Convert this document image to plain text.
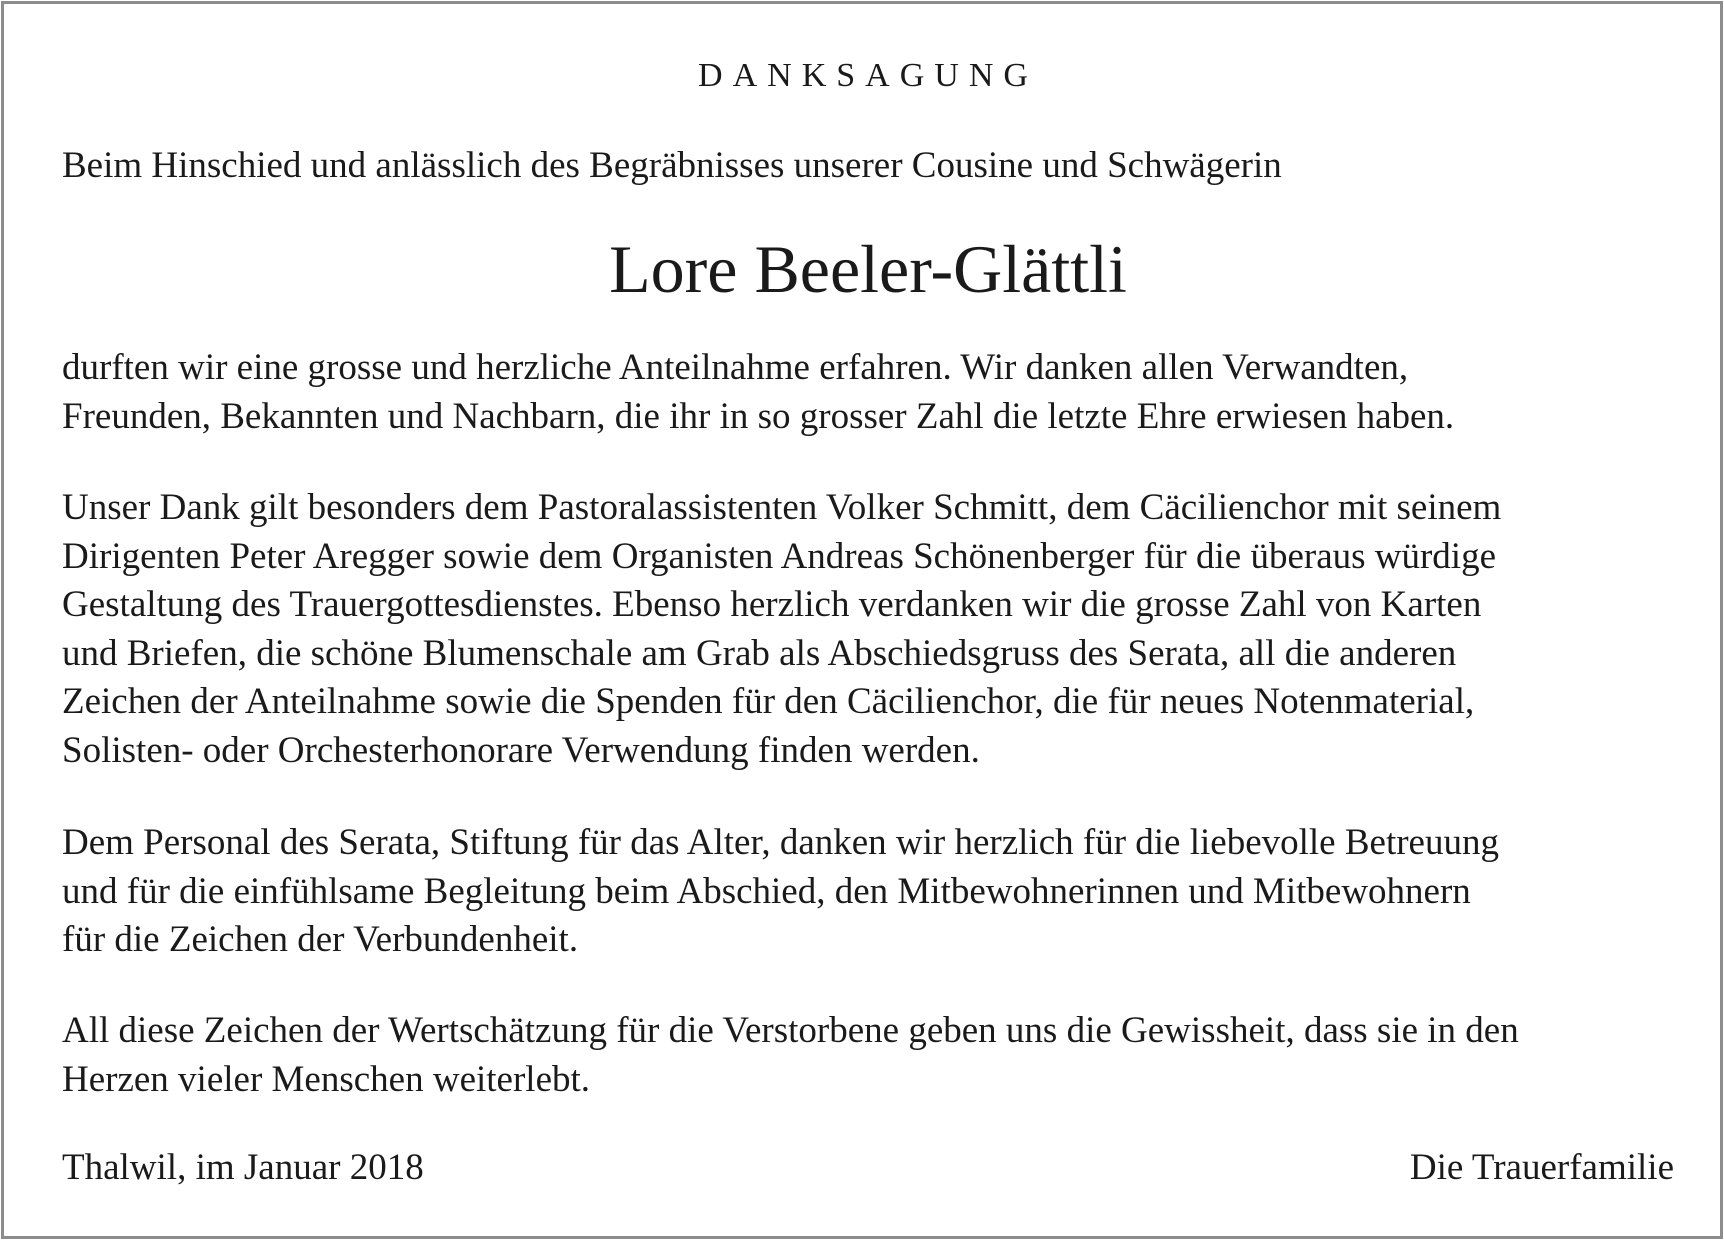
DANKSAGUNG
Beim Hinschied und anlässlich des Begräbnisses unserer Cousine und Schwägerin
Lore Beeler-Glättli
durften wir eine grosse und herzliche Anteilnahme erfahren. Wir danken allen Verwandten,
Freunden, Bekannten und Nachbarn, die ihr in so grosser Zahl die letzte Ehre erwiesen haben.
Unser Dank gilt besonders dem Pastoralassistenten Volker Schmitt, dem Cäcilienchor mit seinem
Dirigenten Peter Aregger sowie dem Organisten Andreas Schönenberger für die überaus würdige
Gestaltung des Trauergottesdienstes. Ebenso herzlich verdanken wir die grosse Zahl von Karten
und Briefen, die schöne Blumenschale am Grab als Abschiedsgruss des Serata, all die anderen
Zeichen der Anteilnahme sowie die Spenden für den Cäcilienchor, die für neues Notenmaterial,
Solisten- oder Orchesterhonorare Verwendung finden werden.
Dem Personal des Serata, Stiftung für das Alter, danken wir herzlich für die liebevolle Betreuung
und für die einfühlsame Begleitung beim Abschied, den Mitbewohnerinnen und Mitbewohnern
für die Zeichen der Verbundenheit.
All diese Zeichen der Wertschätzung für die Verstorbene geben uns die Gewissheit, dass sie in den
Herzen vieler Menschen weiterlebt.
Thalwil, im Januar 2018	Die Trauerfamilie
